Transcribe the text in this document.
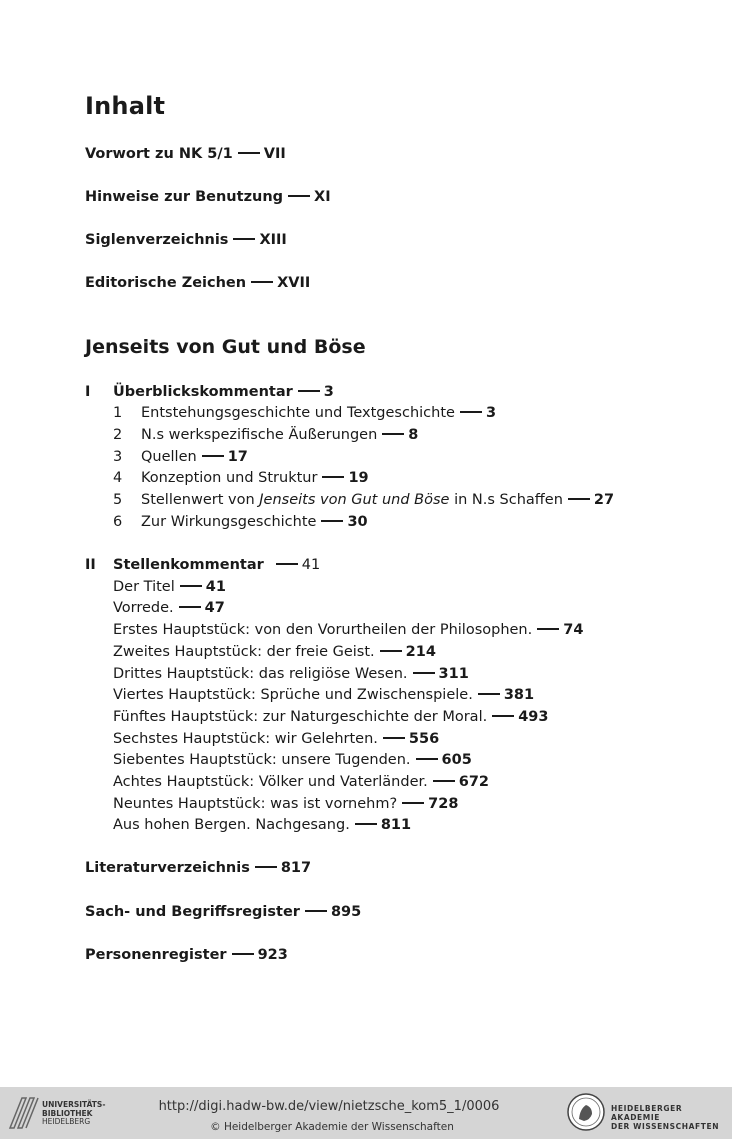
Inhalt
Vorwort zu NK 5/1 VII
Hinweise zur Benutzung XI
Siglenverzeichnis XIII
Editorische Zeichen XVII
Jenseits von Gut und Böse
I Überblickskommentar 3
1 Entstehungsgeschichte und Textgeschichte 3
2 N.s werkspezifische Äußerungen 8
3 Quellen 17
4 Konzeption und Struktur 19
5 Stellenwert von Jenseits von Gut und Böse in N.s Schaffen 27
6 Zur Wirkungsgeschichte 30
II Stellenkommentar	41
Der Titel 41
Vorrede. 47
Erstes Hauptstück: von den Vorurtheilen der Philosophen. 74
Zweites Hauptstück: der freie Geist. 214
Drittes Hauptstück: das religiöse Wesen. 311
Viertes Hauptstück: Sprüche und Zwischenspiele. 381
Fünftes Hauptstück: zur Naturgeschichte der Moral. 493
Sechstes Hauptstück: wir Gelehrten. 556
Siebentes Hauptstück: unsere Tugenden. 605
Achtes Hauptstück: Völker und Vaterländer. 672
Neuntes Hauptstück: was ist vornehm? 728
Aus hohen Bergen. Nachgesang. 811
Literaturverzeichnis 817
Sach- und Begriffsregister 895
Personenregister 923
UNIVERSITÄTS-
BIBLIOTHEK
HEIDELBERG
http://digi.hadw-bw.de/view/nietzsche_kom5_1/0006
© Heidelberger Akademie der Wissenschaften
HEIDELBERGER AKADEMIE
DER WISSENSCHAFTEN
